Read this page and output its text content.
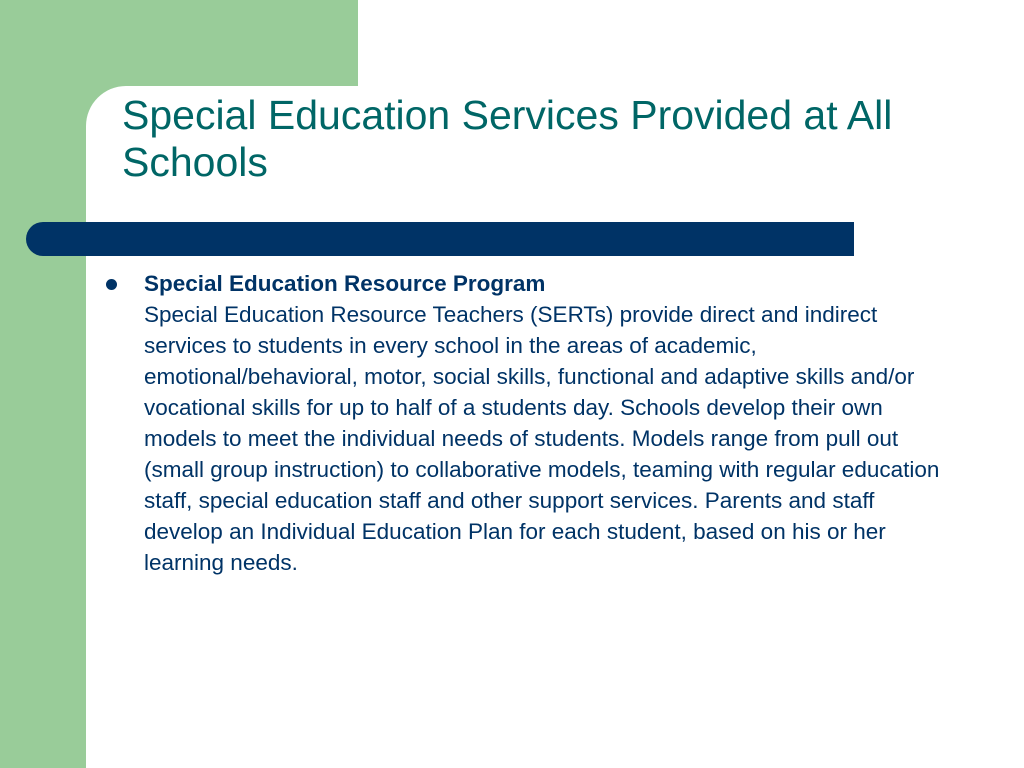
Special Education Services Provided at All Schools
Special Education Resource Program
Special Education Resource Teachers (SERTs) provide direct and indirect services to students in every school in the areas of academic, emotional/behavioral, motor, social skills, functional and adaptive skills and/or vocational skills for up to half of a students day. Schools develop their own models to meet the individual needs of students. Models range from pull out (small group instruction) to collaborative models, teaming with regular education staff, special education staff and other support services. Parents and staff develop an Individual Education Plan for each student, based on his or her learning needs.
